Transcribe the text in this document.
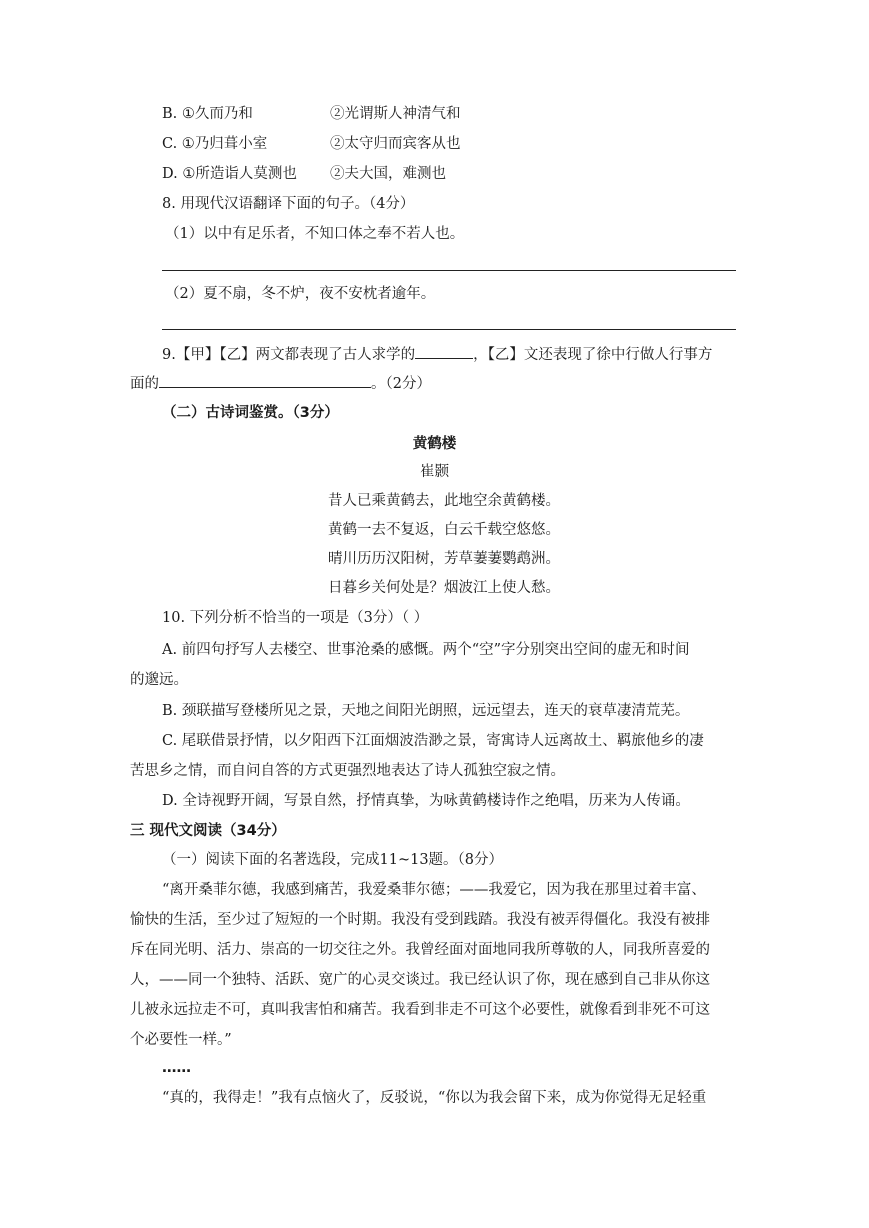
B. ①久而乃和	②光谓斯人神清气和
C. ①乃归葺小室	②太守归而宾客从也
D. ①所造诣人莫测也 ②夫大国，难测也
8. 用现代汉语翻译下面的句子。（4分）
（1）以中有足乐者，不知口体之奉不若人也。
（2）夏不扇，冬不炉，夜不安枕者逾年。
9.【甲】【乙】两文都表现了古人求学的	，【乙】文还表现了徐中行做人行事方
面的	。（2分）
（二）古诗词鉴赏。（3分）
黄鹤楼
崔颢
昔人已乘黄鹤去，此地空余黄鹤楼。
黄鹤一去不复返，白云千载空悠悠。
晴川历历汉阳树，芳草萋萋鹦鹉洲。
日暮乡关何处是？烟波江上使人愁。
10. 下列分析不恰当的一项是（3分）（ ）
A. 前四句抒写人去楼空、世事沧桑的感慨。两个“空”字分别突出空间的虚无和时间
的邈远。
B. 颈联描写登楼所见之景，天地之间阳光朗照，远远望去，连天的衰草凄清荒芜。
C. 尾联借景抒情，以夕阳西下江面烟波浩渺之景，寄寓诗人远离故土、羁旅他乡的凄
苦思乡之情，而自问自答的方式更强烈地表达了诗人孤独空寂之情。
D. 全诗视野开阔，写景自然，抒情真挚，为咏黄鹤楼诗作之绝唱，历来为人传诵。
三 现代文阅读（34分）
（一）阅读下面的名著选段，完成11~13题。（8分）
“离开桑菲尔德，我感到痛苦，我爱桑菲尔德；——我爱它，因为我在那里过着丰富、
愉快的生活，至少过了短短的一个时期。我没有受到践踏。我没有被弄得僵化。我没有被排
斥在同光明、活力、崇高的一切交往之外。我曾经面对面地同我所尊敬的人，同我所喜爱的
人，——同一个独特、活跃、宽广的心灵交谈过。我已经认识了你，现在感到自己非从你这
儿被永远拉走不可，真叫我害怕和痛苦。我看到非走不可这个必要性，就像看到非死不可这
个必要性一样。”
……
“真的，我得走！”我有点恼火了，反驳说，“你以为我会留下来，成为你觉得无足轻重
